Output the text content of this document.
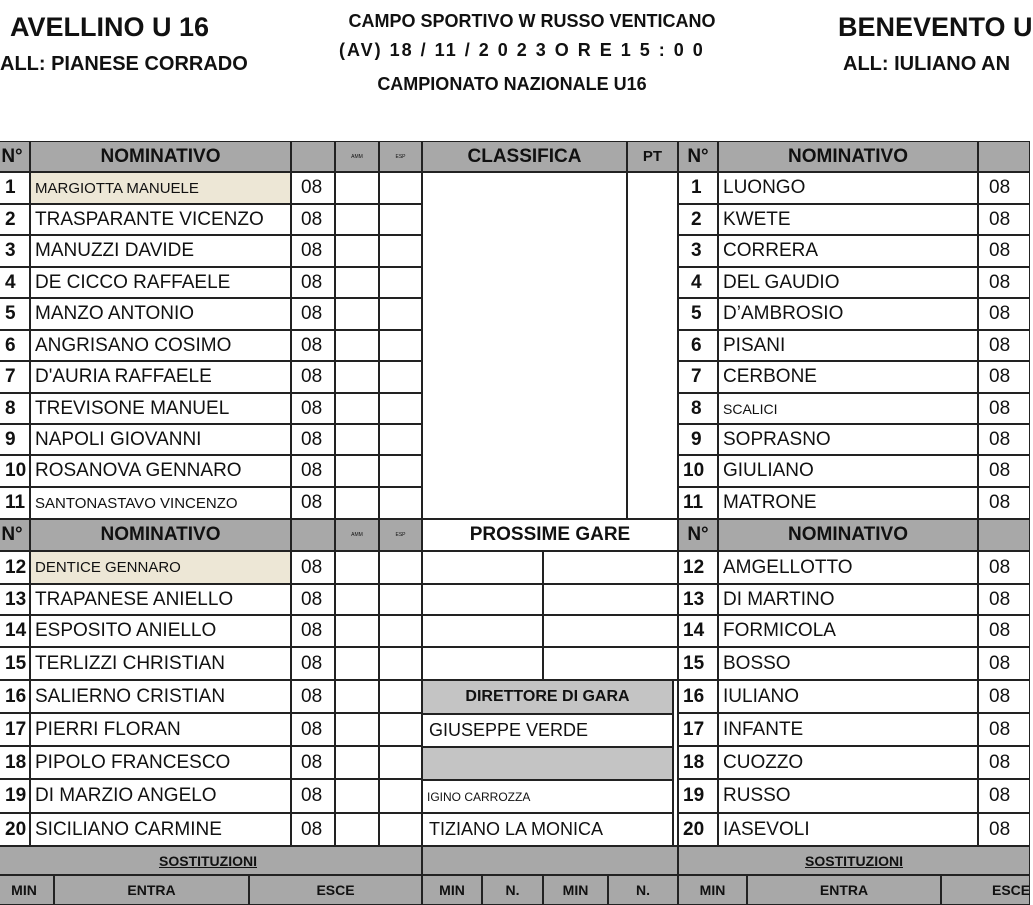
AVELLINO U 16
ALL: PIANESE CORRADO
CAMPO SPORTIVO W RUSSO VENTICANO
(AV) 18 / 11 / 2 0 2 3 O R E 1 5 : 0 0
CAMPIONATO NAZIONALE U16
BENEVENTO U
ALL: IULIANO AN
N°	NOMINATIVO	AMM	ESP
N°	NOMINATIVO	AMM	ESP
1	MARGIOTTA MANUELE	08
2	TRASPARANTE VICENZO	08
3	MANUZZI DAVIDE	08
4	DE CICCO RAFFAELE	08
5	MANZO ANTONIO	08
6	ANGRISANO COSIMO	08
7	D'AURIA RAFFAELE	08
8	TREVISONE MANUEL	08
9	NAPOLI GIOVANNI	08
10 ROSANOVA GENNARO	08
11 SANTONASTAVO VINCENZO	08
12 DENTICE GENNARO	08
13 TRAPANESE ANIELLO	08
14 ESPOSITO ANIELLO	08
15 TERLIZZI CHRISTIAN	08
16 SALIERNO CRISTIAN	08
17 PIERRI FLORAN	08
18 PIPOLO FRANCESCO	08
19 DI MARZIO ANGELO	08
20 SICILIANO CARMINE	08
N°	NOMINATIVO
N°	NOMINATIVO
1	LUONGO	08
2	KWETE	08
3	CORRERA	08
4	DEL GAUDIO	08
5	D’AMBROSIO	08
6	PISANI	08
7	CERBONE	08
8	SCALICI	08
9	SOPRASNO	08
10 GIULIANO	08
11	MATRONE	08
12 AMGELLOTTO	08
13 DI MARTINO	08
14 FORMICOLA	08
15 BOSSO	08
16 IULIANO	08
17 INFANTE	08
18 CUOZZO	08
19 RUSSO	08
20 IASEVOLI	08
CLASSIFICA	PT
PROSSIME GARE
DIRETTORE DI GARA
GIUSEPPE VERDE
IGINO CARROZZA
TIZIANO LA MONICA
SOSTITUZIONI	SOSTITUZIONI
MIN	ENTRA	ESCE	MIN	N.	MIN	N.	MIN	ENTRA	ESCE
